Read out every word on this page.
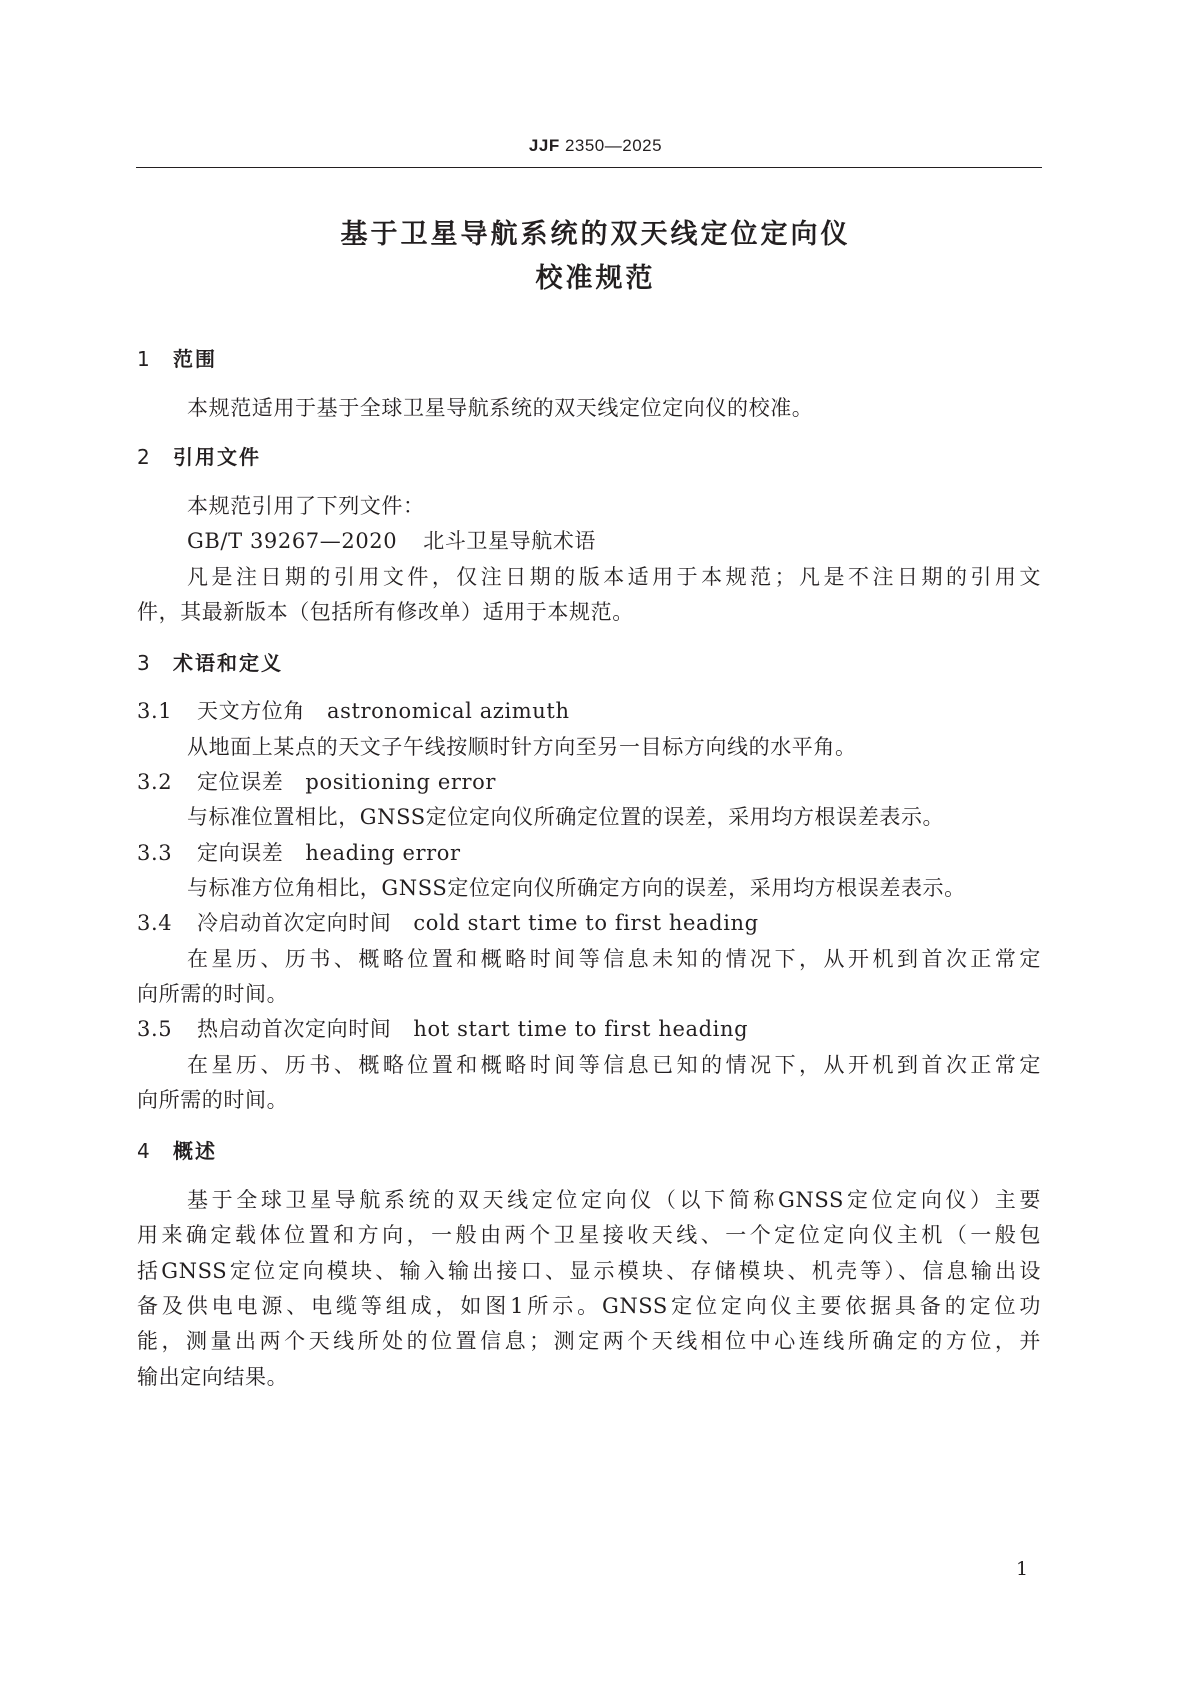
JJF 2350—2025
基于卫星导航系统的双天线定位定向仪
校准规范
1 范围
本规范适用于基于全球卫星导航系统的双天线定位定向仪的校准。
2 引用文件
本规范引用了下列文件：
GB/T 39267—2020 北斗卫星导航术语
凡是注日期的引用文件，仅注日期的版本适用于本规范；凡是不注日期的引用文
件，其最新版本（包括所有修改单）适用于本规范。
3 术语和定义
3.1 天文方位角 astronomical azimuth
从地面上某点的天文子午线按顺时针方向至另一目标方向线的水平角。
3.2 定位误差 positioning error
与标准位置相比，GNSS定位定向仪所确定位置的误差，采用均方根误差表示。
3.3 定向误差 heading error
与标准方位角相比，GNSS定位定向仪所确定方向的误差，采用均方根误差表示。
3.4 冷启动首次定向时间 cold start time to first heading
在星历、历书、概略位置和概略时间等信息未知的情况下，从开机到首次正常定
向所需的时间。
3.5 热启动首次定向时间 hot start time to first heading
在星历、历书、概略位置和概略时间等信息已知的情况下，从开机到首次正常定
向所需的时间。
4 概述
基于全球卫星导航系统的双天线定位定向仪（以下简称GNSS定位定向仪）主要
用来确定载体位置和方向，一般由两个卫星接收天线、一个定位定向仪主机（一般包
括GNSS定位定向模块、输入输出接口、显示模块、存储模块、机壳等）、信息输出设
备及供电电源、电缆等组成，如图1所示。GNSS定位定向仪主要依据具备的定位功
能，测量出两个天线所处的位置信息；测定两个天线相位中心连线所确定的方位，并
输出定向结果。
1
